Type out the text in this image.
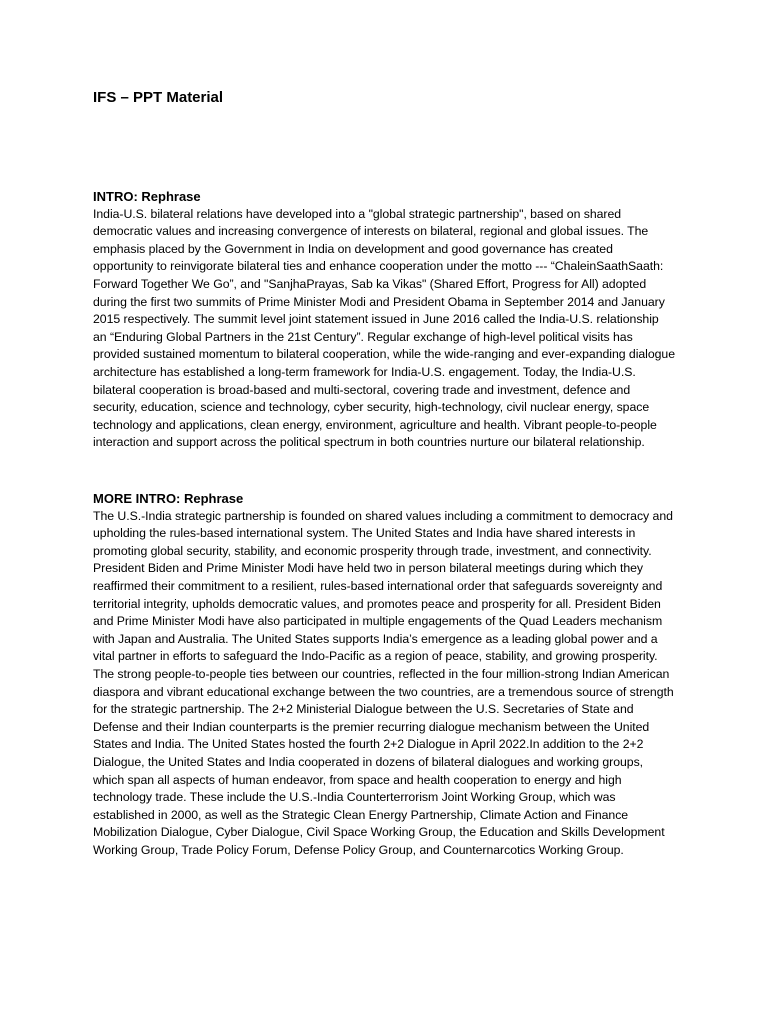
IFS – PPT Material

INTRO: Rephrase

India-U.S. bilateral relations have developed into a "global strategic partnership", based on shared democratic values and increasing convergence of interests on bilateral, regional and global issues. The emphasis placed by the Government in India on development and good governance has created opportunity to reinvigorate bilateral ties and enhance cooperation under the motto --- “ChaleinSaathSaath: Forward Together We Go”, and "SanjhaPrayas, Sab ka Vikas" (Shared Effort, Progress for All) adopted during the first two summits of Prime Minister Modi and President Obama in September 2014 and January 2015 respectively. The summit level joint statement issued in June 2016 called the India-U.S. relationship an “Enduring Global Partners in the 21st Century”. Regular exchange of high-level political visits has provided sustained momentum to bilateral cooperation, while the wide-ranging and ever-expanding dialogue architecture has established a long-term framework for India-U.S. engagement. Today, the India-U.S. bilateral cooperation is broad-based and multi-sectoral, covering trade and investment, defence and security, education, science and technology, cyber security, high-technology, civil nuclear energy, space technology and applications, clean energy, environment, agriculture and health. Vibrant people-to-people interaction and support across the political spectrum in both countries nurture our bilateral relationship.

MORE INTRO: Rephrase

The U.S.-India strategic partnership is founded on shared values including a commitment to democracy and upholding the rules-based international system. The United States and India have shared interests in promoting global security, stability, and economic prosperity through trade, investment, and connectivity. President Biden and Prime Minister Modi have held two in person bilateral meetings during which they reaffirmed their commitment to a resilient, rules-based international order that safeguards sovereignty and territorial integrity, upholds democratic values, and promotes peace and prosperity for all. President Biden and Prime Minister Modi have also participated in multiple engagements of the Quad Leaders mechanism with Japan and Australia. The United States supports India’s emergence as a leading global power and a vital partner in efforts to safeguard the Indo-Pacific as a region of peace, stability, and growing prosperity. The strong people-to-people ties between our countries, reflected in the four million-strong Indian American diaspora and vibrant educational exchange between the two countries, are a tremendous source of strength for the strategic partnership. The 2+2 Ministerial Dialogue between the U.S. Secretaries of State and Defense and their Indian counterparts is the premier recurring dialogue mechanism between the United States and India. The United States hosted the fourth 2+2 Dialogue in April 2022.In addition to the 2+2 Dialogue, the United States and India cooperated in dozens of bilateral dialogues and working groups, which span all aspects of human endeavor, from space and health cooperation to energy and high technology trade. These include the U.S.-India Counterterrorism Joint Working Group, which was established in 2000, as well as the Strategic Clean Energy Partnership, Climate Action and Finance Mobilization Dialogue, Cyber Dialogue, Civil Space Working Group, the Education and Skills Development Working Group, Trade Policy Forum, Defense Policy Group, and Counternarcotics Working Group.
